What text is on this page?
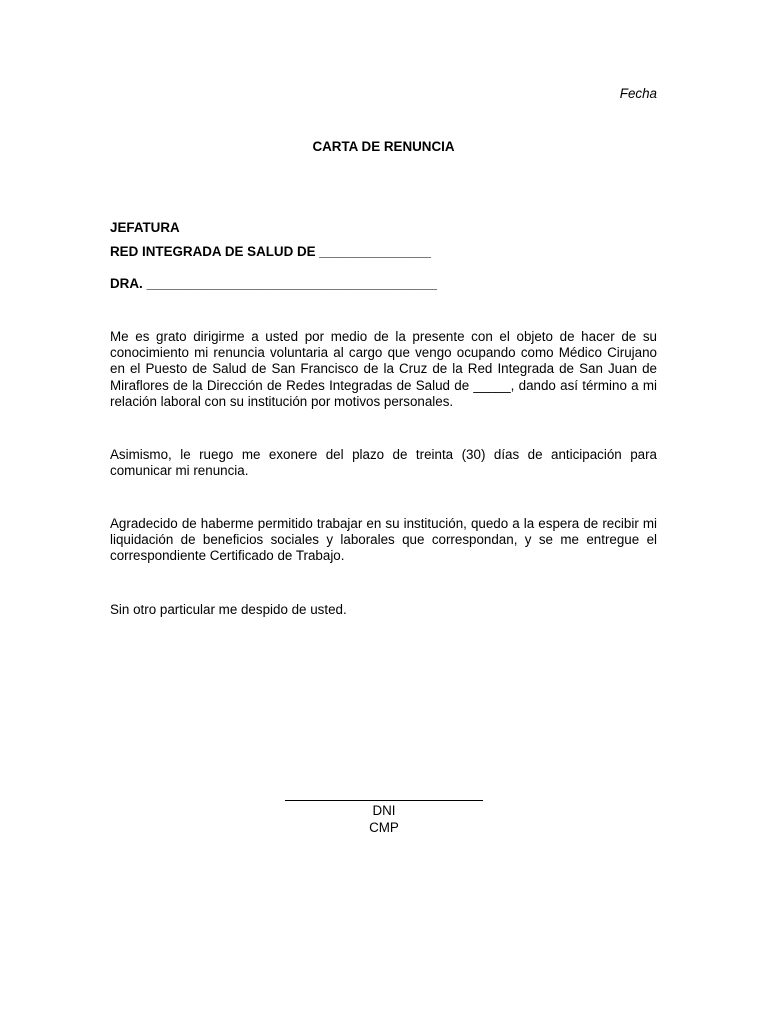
Fecha
CARTA DE RENUNCIA
JEFATURA
RED INTEGRADA DE SALUD DE _______________
DRA. _______________________________________

Me es grato dirigirme a usted por medio de la presente con el objeto de hacer de su conocimiento mi renuncia voluntaria al cargo que vengo ocupando como Médico Cirujano en el Puesto de Salud de San Francisco de la Cruz de la Red Integrada de San Juan de Miraflores de la Dirección de Redes Integradas de Salud de _____, dando así término a mi relación laboral con su institución por motivos personales.

Asimismo, le ruego me exonere del plazo de treinta (30) días de anticipación para comunicar mi renuncia.

Agradecido de haberme permitido trabajar en su institución, quedo a la espera de recibir mi liquidación de beneficios sociales y laborales que correspondan, y se me entregue el correspondiente Certificado de Trabajo.

Sin otro particular me despido de usted.

DNI
CMP
